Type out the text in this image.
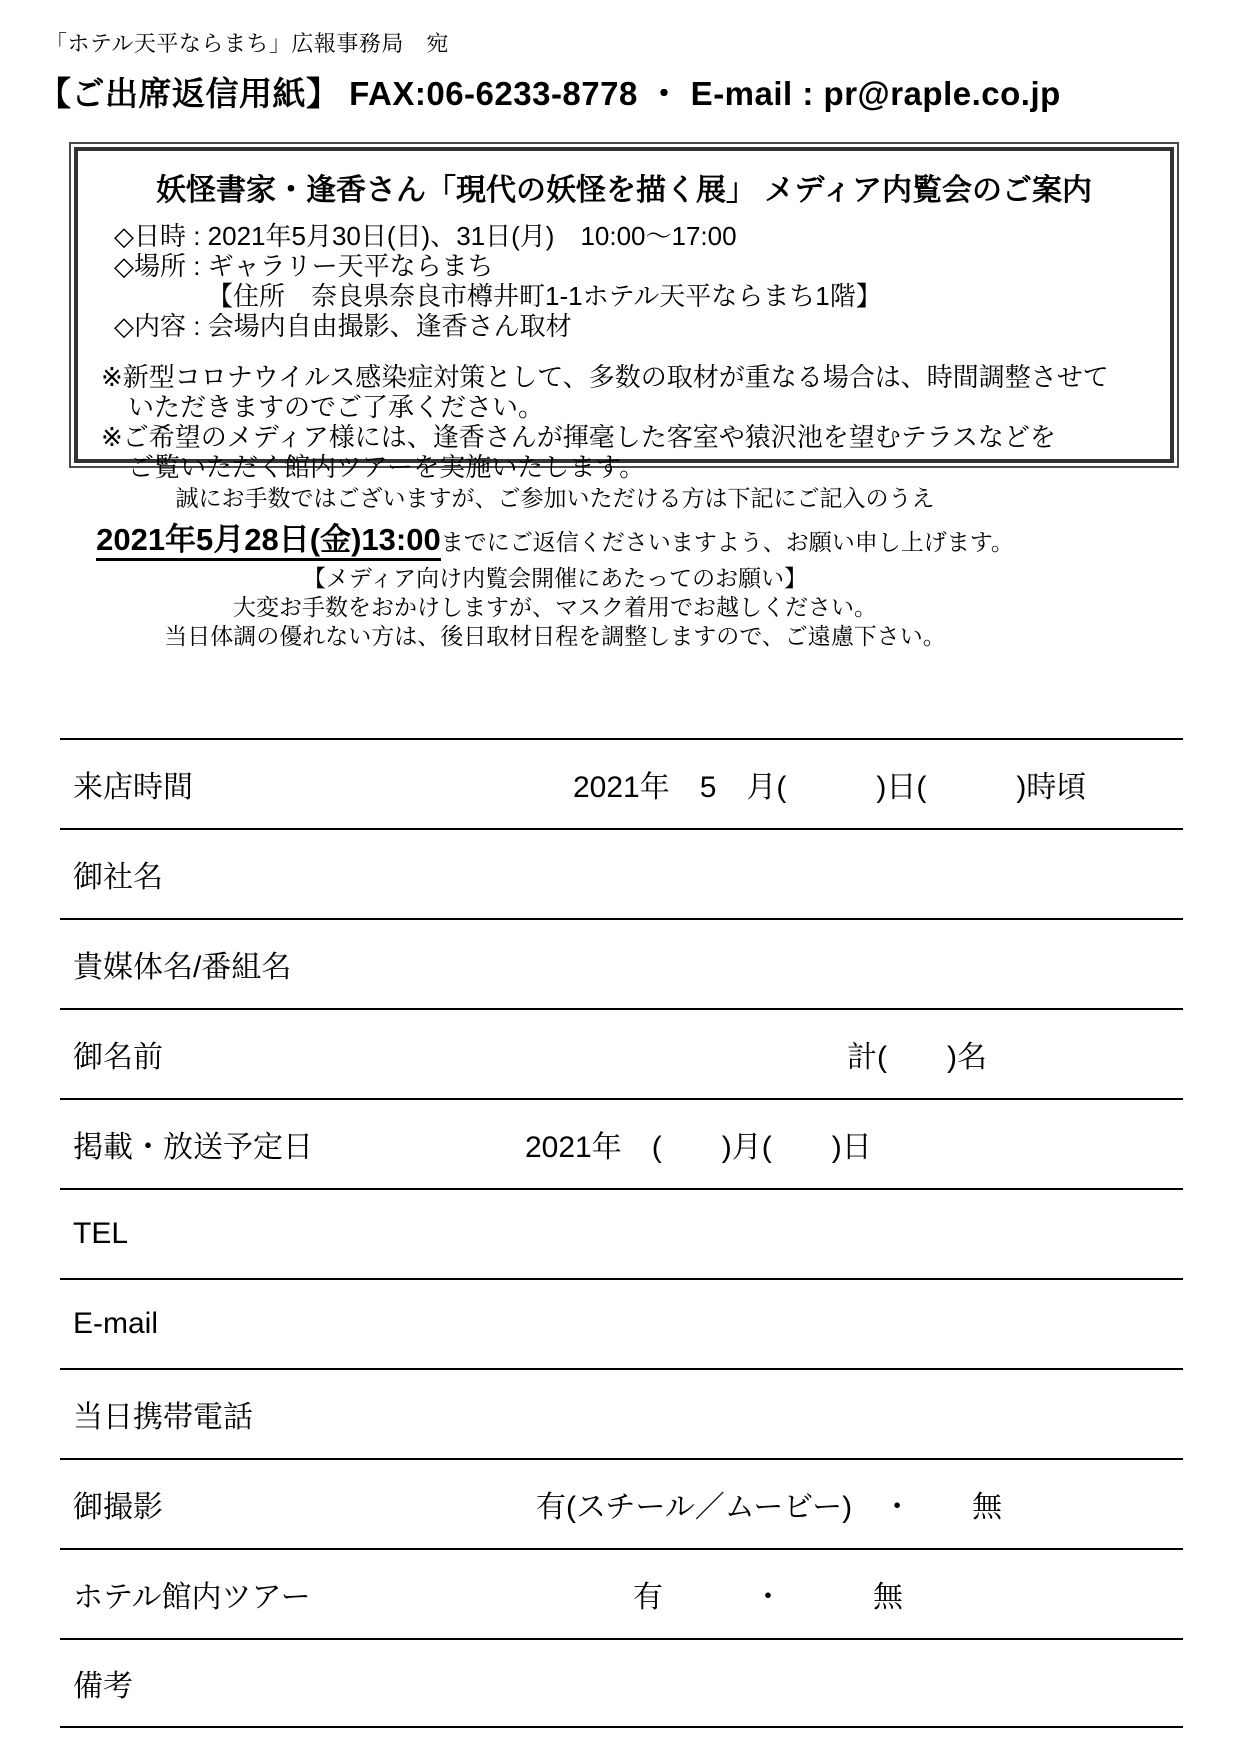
「ホテル天平ならまち」広報事務局　宛
【ご出席返信用紙】 FAX:06-6233-8778 ・ E-mail : pr@raple.co.jp
妖怪書家・逢香さん「現代の妖怪を描く展」 メディア内覧会のご案内
◇日時 : 2021年5月30日(日)、31日(月)　10:00～17:00
◇場所 : ギャラリー天平ならまち
【住所　奈良県奈良市樽井町1-1ホテル天平ならまち1階】
◇内容 : 会場内自由撮影、逢香さん取材
※新型コロナウイルス感染症対策として、多数の取材が重なる場合は、時間調整させて
いただきますのでご了承ください。
※ご希望のメディア様には、逢香さんが揮毫した客室や猿沢池を望むテラスなどを
ご覧いただく館内ツアーを実施いたします。
誠にお手数ではございますが、ご参加いただける方は下記にご記入のうえ
2021年5月28日(金)13:00までにご返信くださいますよう、お願い申し上げます。
【メディア向け内覧会開催にあたってのお願い】
大変お手数をおかけしますが、マスク着用でお越しください。
当日体調の優れない方は、後日取材日程を調整しますので、ご遠慮下さい。
来店時間	2021年　5　月(　　　)日(　　　)時頃
御社名
貴媒体名/番組名
御名前	計(　　)名
掲載・放送予定日	2021年　(　　)月(　　)日
TEL
E-mail
当日携帯電話
御撮影	有(スチール／ムービー)　・　　無
ホテル館内ツアー	有　　　・　　　無
備考
